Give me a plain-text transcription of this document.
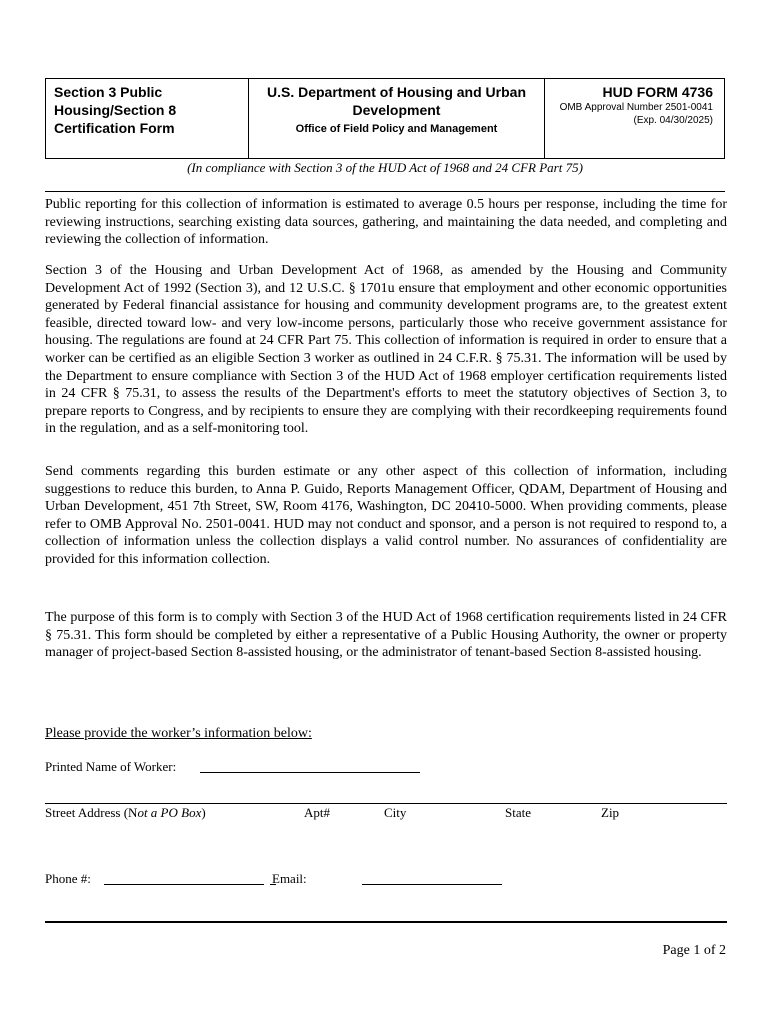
Section 3 Public Housing/Section 8 Certification Form
U.S. Department of Housing and Urban
Development
Office of Field Policy and Management
HUD FORM 4736
OMB Approval Number 2501-0041
(Exp. 04/30/2025)
(In compliance with Section 3 of the HUD Act of 1968 and 24 CFR Part 75)

Public reporting for this collection of information is estimated to average 0.5 hours per response, including the time for reviewing instructions, searching existing data sources, gathering, and maintaining the data needed, and completing and reviewing the collection of information.

Section 3 of the Housing and Urban Development Act of 1968, as amended by the Housing and Community Development Act of 1992 (Section 3), and 12 U.S.C. § 1701u ensure that employment and other economic opportunities generated by Federal financial assistance for housing and community development programs are, to the greatest extent feasible, directed toward low- and very low-income persons, particularly those who receive government assistance for housing. The regulations are found at 24 CFR Part 75. This collection of information is required in order to ensure that a worker can be certified as an eligible Section 3 worker as outlined in 24 C.F.R. § 75.31. The information will be used by the Department to ensure compliance with Section 3 of the HUD Act of 1968 employer certification requirements listed in 24 CFR § 75.31, to assess the results of the Department's efforts to meet the statutory objectives of Section 3, to prepare reports to Congress, and by recipients to ensure they are complying with their recordkeeping requirements found in the regulation, and as a self-monitoring tool.

Send comments regarding this burden estimate or any other aspect of this collection of information, including suggestions to reduce this burden, to Anna P. Guido, Reports Management Officer, QDAM, Department of Housing and Urban Development, 451 7th Street, SW, Room 4176, Washington, DC 20410-5000. When providing comments, please refer to OMB Approval No. 2501-0041. HUD may not conduct and sponsor, and a person is not required to respond to, a collection of information unless the collection displays a valid control number. No assurances of confidentiality are provided for this information collection.

The purpose of this form is to comply with Section 3 of the HUD Act of 1968 certification requirements listed in 24 CFR § 75.31. This form should be completed by either a representative of a Public Housing Authority, the owner or property manager of project-based Section 8-assisted housing, or the administrator of tenant-based Section 8-assisted housing.

Please provide the worker’s information below:
Printed Name of Worker:
Street Address (Not a PO Box)	Apt#	City	State	Zip
Phone #:	Email:
Page 1 of 2
